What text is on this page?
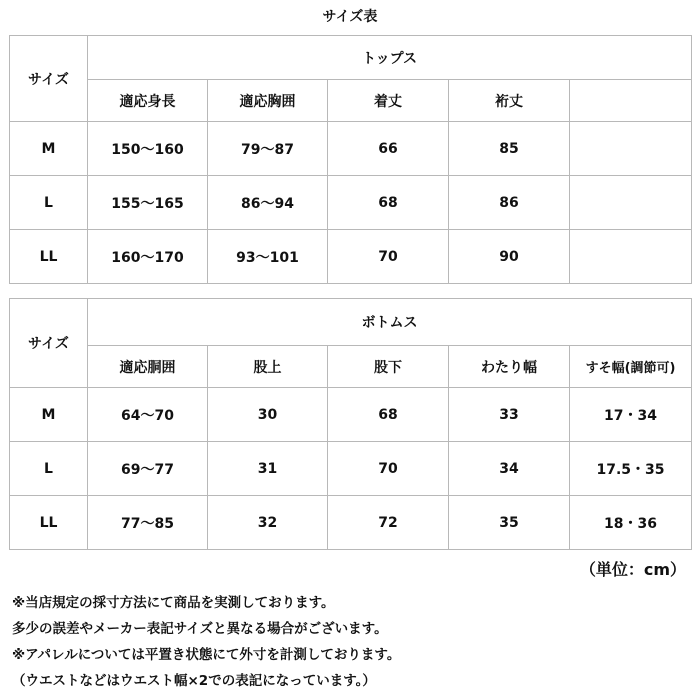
サイズ表
サイズ	トップス				
	適応身長	適応胸囲	着丈	裄丈	
M	150〜160	79〜87	66	85	
L	155〜165	86〜94	68	86	
LL	160〜170	93〜101	70	90	
サイズ	ボトムス				
	適応胴囲	股上	股下	わたり幅	すそ幅(調節可)
M	64〜70	30	68	33	17・34
L	69〜77	31	70	34	17.5・35
LL	77〜85	32	72	35	18・36
（単位：cm）
※当店規定の採寸方法にて商品を実測しております。
多少の誤差やメーカー表記サイズと異なる場合がございます。
※アパレルについては平置き状態にて外寸を計測しております。
（ウエストなどはウエスト幅×2での表記になっています。）
